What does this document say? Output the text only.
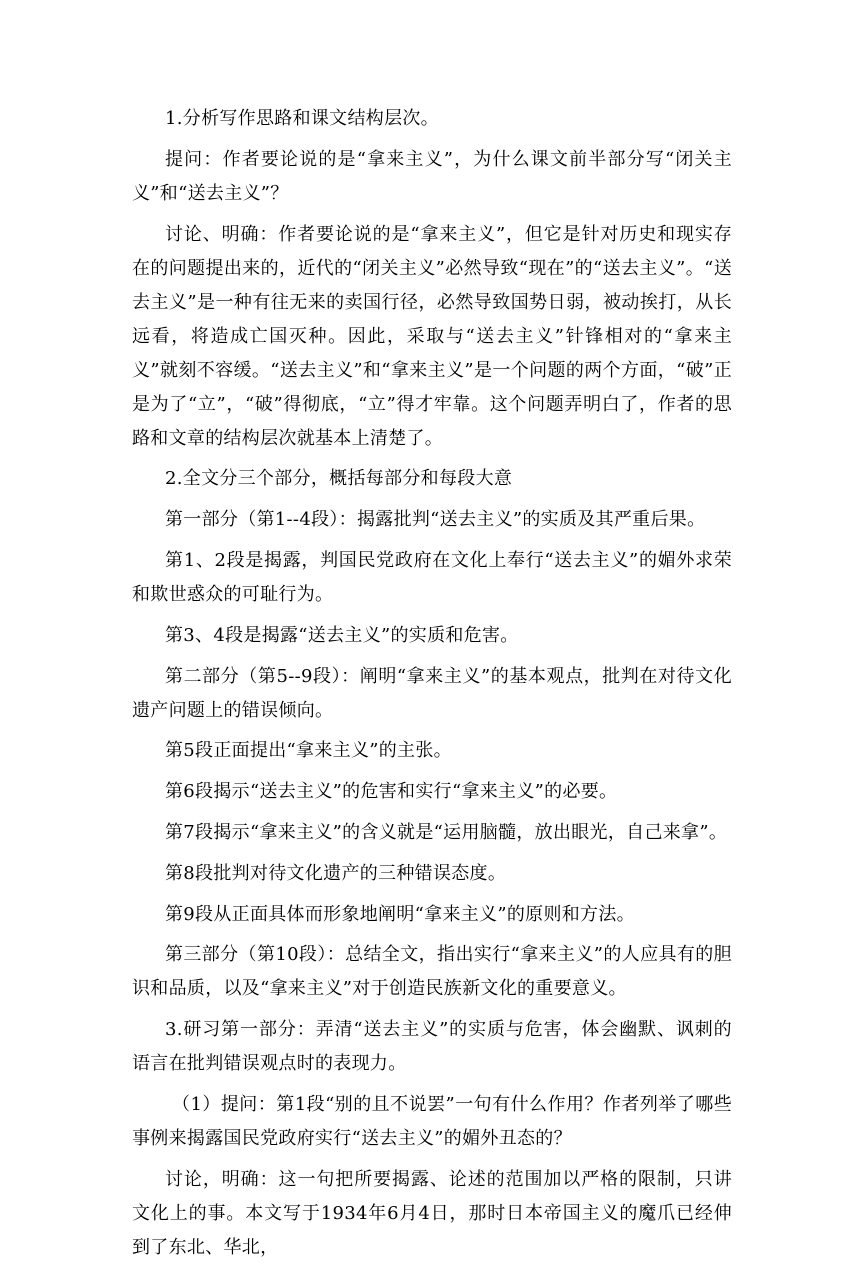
1.分析写作思路和课文结构层次。

提问：作者要论说的是“拿来主义”，为什么课文前半部分写“闭关主义”和“送去主义”？

讨论、明确：作者要论说的是“拿来主义”，但它是针对历史和现实存在的问题提出来的，近代的“闭关主义”必然导致“现在”的“送去主义”。“送去主义”是一种有往无来的卖国行径，必然导致国势日弱，被动挨打，从长远看，将造成亡国灭种。因此，采取与“送去主义”针锋相对的“拿来主义”就刻不容缓。“送去主义”和“拿来主义”是一个问题的两个方面，“破”正是为了“立”，“破”得彻底，“立”得才牢靠。这个问题弄明白了，作者的思路和文章的结构层次就基本上清楚了。

2.全文分三个部分，概括每部分和每段大意

第一部分（第1--4段）：揭露批判“送去主义”的实质及其严重后果。

第1、2段是揭露，判国民党政府在文化上奉行“送去主义”的媚外求荣和欺世惑众的可耻行为。

第3、4段是揭露“送去主义”的实质和危害。

第二部分（第5--9段）：阐明“拿来主义”的基本观点，批判在对待文化遗产问题上的错误倾向。

第5段正面提出“拿来主义”的主张。

第6段揭示“送去主义”的危害和实行“拿来主义”的必要。

第7段揭示“拿来主义”的含义就是“运用脑髓，放出眼光，自己来拿”。

第8段批判对待文化遗产的三种错误态度。

第9段从正面具体而形象地阐明“拿来主义”的原则和方法。

第三部分（第10段）：总结全文，指出实行“拿来主义”的人应具有的胆识和品质，以及“拿来主义”对于创造民族新文化的重要意义。

3.研习第一部分：弄清“送去主义”的实质与危害，体会幽默、讽刺的语言在批判错误观点时的表现力。

（1）提问：第1段“别的且不说罢”一句有什么作用？作者列举了哪些事例来揭露国民党政府实行“送去主义”的媚外丑态的？

讨论，明确：这一句把所要揭露、论述的范围加以严格的限制，只讲文化上的事。本文写于1934年6月4日，那时日本帝国主义的魔爪已经伸到了东北、华北，
